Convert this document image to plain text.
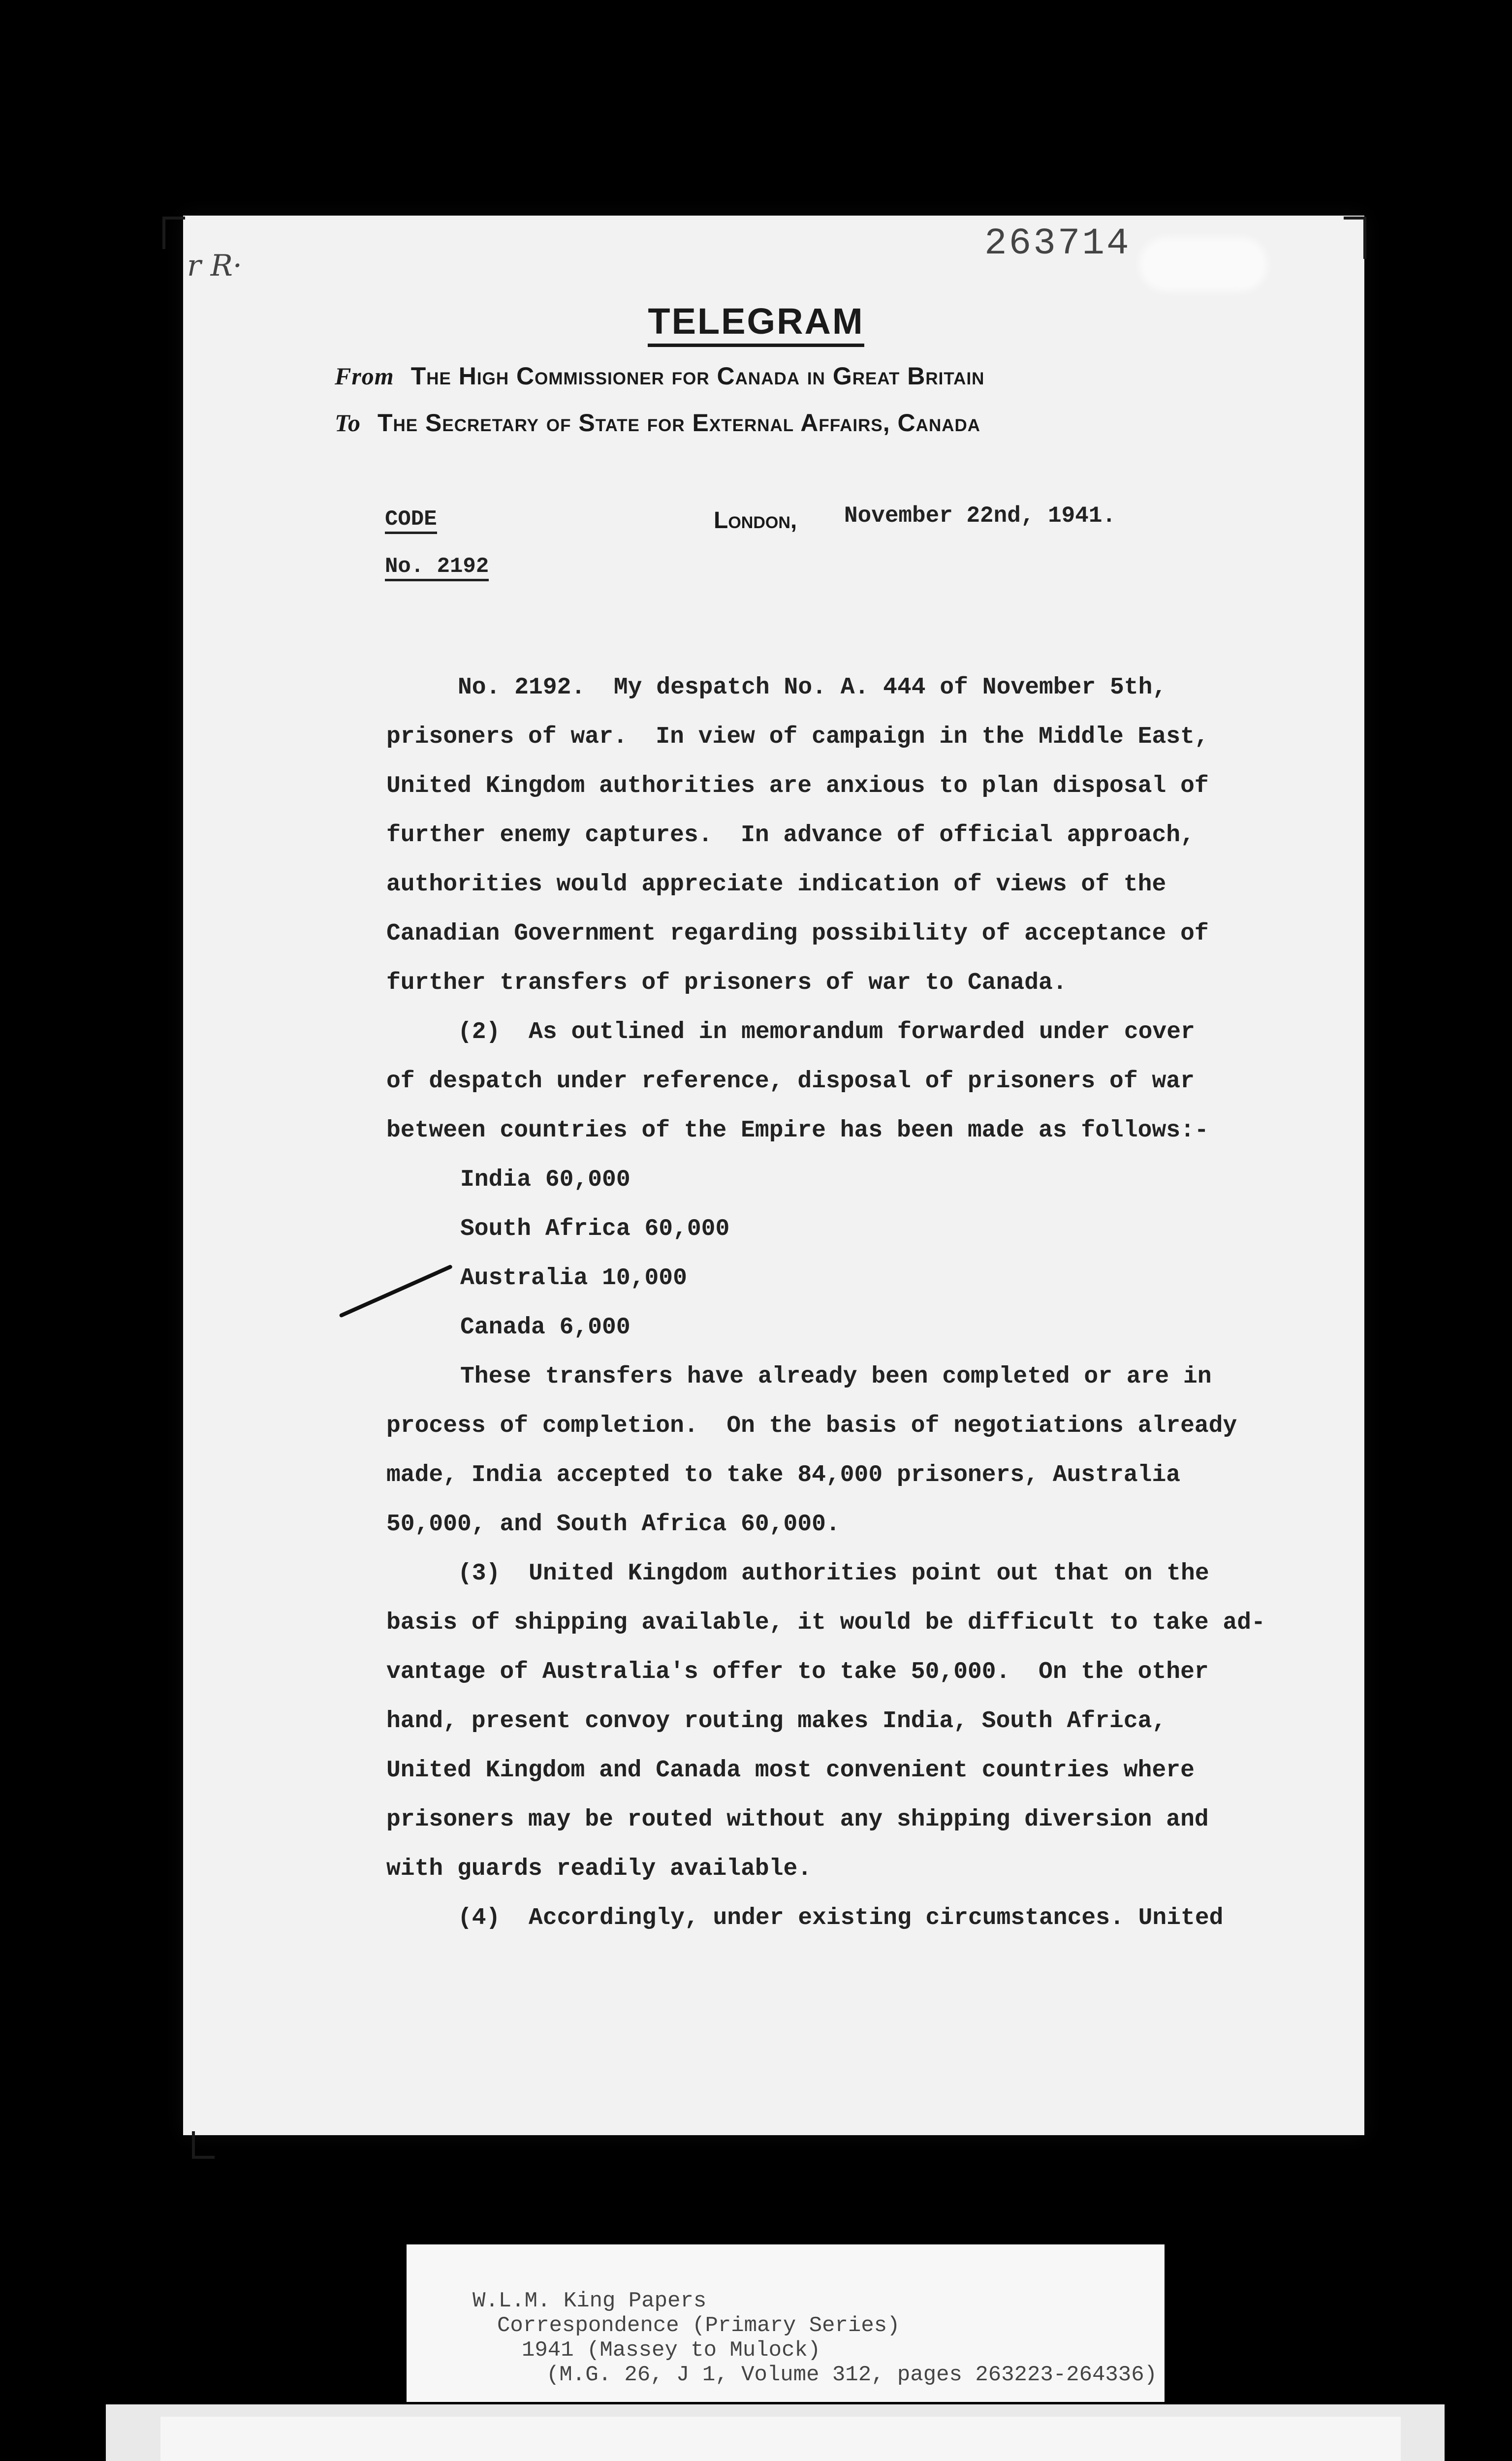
r R·
263714
TELEGRAM
From The High Commissioner for Canada in Great Britain
To The Secretary of State for External Affairs, Canada
CODE
No. 2192
London, November 22nd, 1941.
No. 2192.  My despatch No. A. 444 of November 5th,
prisoners of war.  In view of campaign in the Middle East,
United Kingdom authorities are anxious to plan disposal of
further enemy captures.  In advance of official approach,
authorities would appreciate indication of views of the
Canadian Government regarding possibility of acceptance of
further transfers of prisoners of war to Canada.
(2)  As outlined in memorandum forwarded under cover
of despatch under reference, disposal of prisoners of war
between countries of the Empire has been made as follows:-
India 60,000
South Africa 60,000
Australia 10,000
Canada 6,000
These transfers have already been completed or are in
process of completion.  On the basis of negotiations already
made, India accepted to take 84,000 prisoners, Australia
50,000, and South Africa 60,000.
(3)  United Kingdom authorities point out that on the
basis of shipping available, it would be difficult to take ad-
vantage of Australia's offer to take 50,000.  On the other
hand, present convoy routing makes India, South Africa,
United Kingdom and Canada most convenient countries where
prisoners may be routed without any shipping diversion and
with guards readily available.
(4)  Accordingly, under existing circumstances. United
W.L.M. King Papers
Correspondence (Primary Series)
1941 (Massey to Mulock)
(M.G. 26, J 1, Volume 312, pages 263223-264336)
